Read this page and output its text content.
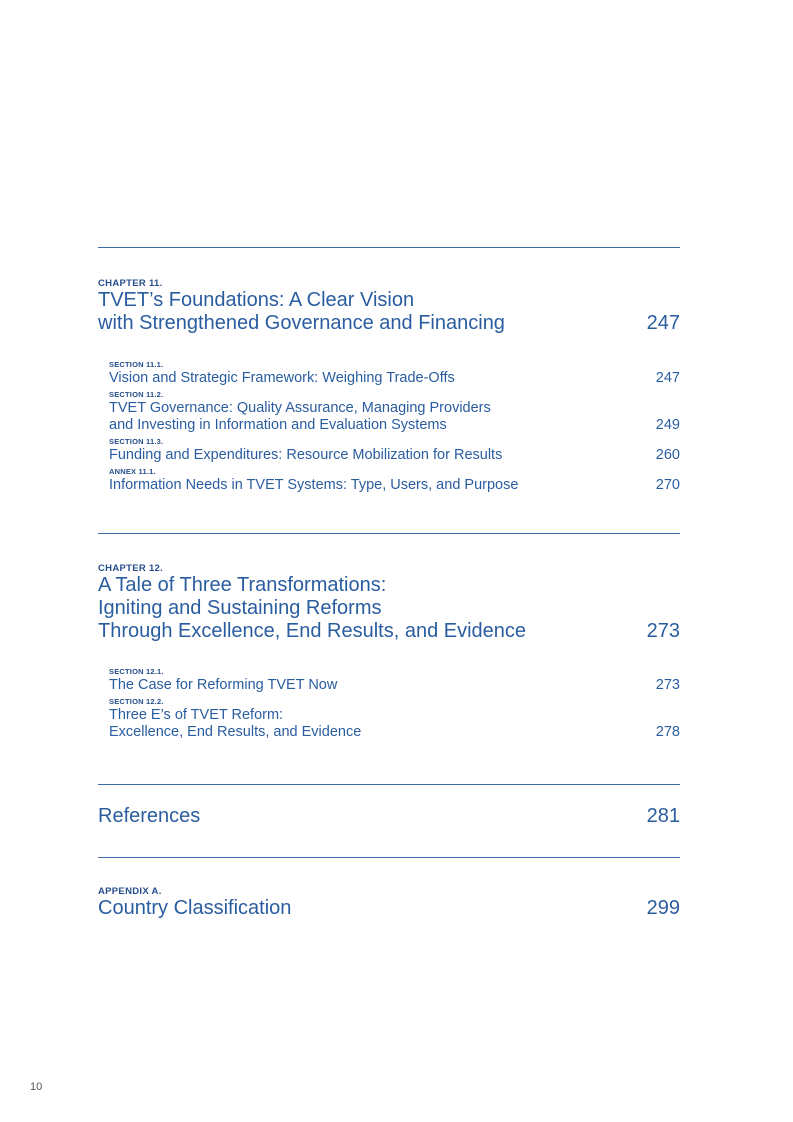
CHAPTER 11.
TVET’s Foundations: A Clear Vision
with Strengthened Governance and Financing	247
SECTION 11.1.
Vision and Strategic Framework: Weighing Trade-Offs	247
SECTION 11.2.
TVET Governance: Quality Assurance, Managing Providers
and Investing in Information and Evaluation Systems	249
SECTION 11.3.
Funding and Expenditures: Resource Mobilization for Results	260
ANNEX 11.1.
Information Needs in TVET Systems: Type, Users, and Purpose	270
CHAPTER 12.
A Tale of Three Transformations:
Igniting and Sustaining Reforms
Through Excellence, End Results, and Evidence	273
SECTION 12.1.
The Case for Reforming TVET Now	273
SECTION 12.2.
Three E’s of TVET Reform:
Excellence, End Results, and Evidence	278
References	281
APPENDIX A.
Country Classification	299
10
